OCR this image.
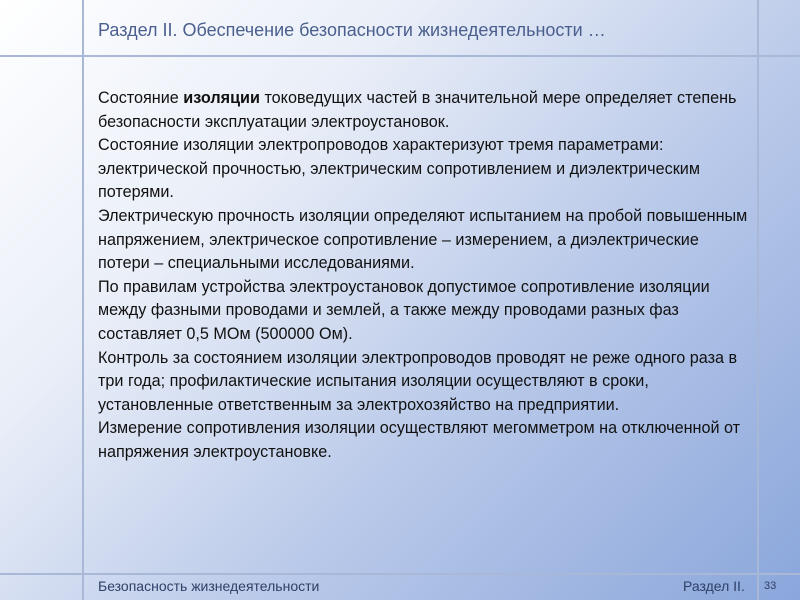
Раздел II. Обеспечение безопасности жизнедеятельности …

Состояние изоляции токоведущих частей в значительной мере определяет степень безопасности эксплуатации электроустановок.

Состояние изоляции электропроводов характеризуют тремя параметрами: электрической прочностью, электрическим сопротивлением и диэлектрическим потерями.

Электрическую прочность изоляции определяют испытанием на пробой повышенным напряжением, электрическое сопротивление – измерением, а диэлектрические потери – специальными исследованиями.

По правилам устройства электроустановок допустимое сопротивление изоляции между фазными проводами и землей, а также между проводами разных фаз составляет 0,5 МОм (500000 Ом).

Контроль за состоянием изоляции электропроводов проводят не реже одного раза в три года; профилактические испытания изоляции осуществляют в сроки, установленные ответственным за электрохозяйство на предприятии.

Измерение сопротивления изоляции осуществляют мегомметром на отключенной от напряжения электроустановке.

Безопасность жизнедеятельности	Раздел II. 33
